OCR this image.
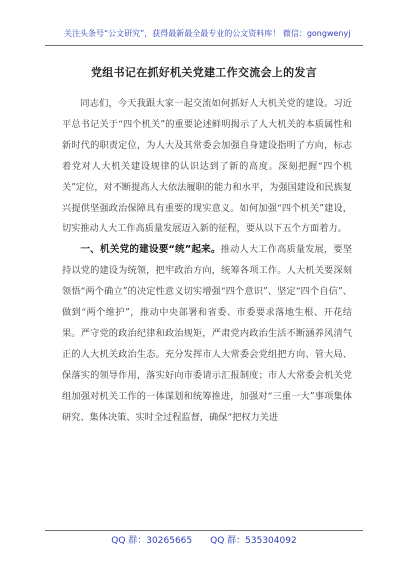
关注头条号“公文研究”，获得最新最全最专业的公文资料库！ 微信：gongwenyj
党组书记在抓好机关党建工作交流会上的发言

同志们，今天我跟大家一起交流如何抓好人大机关党的建设。习近平总书记关于“四个机关”的重要论述鲜明揭示了人大机关的本质属性和新时代的职责定位，为人大及其常委会加强自身建设指明了方向，标志着党对人大机关建设规律的认识达到了新的高度。深刻把握“四个机关”定位，对不断提高人大依法履职的能力和水平，为强国建设和民族复兴提供坚强政治保障具有重要的现实意义。如何加强“四个机关”建设，切实推动人大工作高质量发展迈入新的征程，要从以下五个方面着力。

一、机关党的建设要“统”起来。推动人大工作高质量发展，要坚持以党的建设为统领，把牢政治方向，统筹各项工作。人大机关要深刻领悟“两个确立”的决定性意义切实增强“四个意识”、坚定“四个自信”、做到“两个维护”，推动中央部署和省委、市委要求落地生根、开花结果。严守党的政治纪律和政治规矩，严肃党内政治生活不断涵养风清气正的人大机关政治生态。充分发挥市人大常委会党组把方向、管大局、保落实的领导作用，落实好向市委请示汇报制度；市人大常委会机关党组加强对机关工作的一体谋划和统筹推进，加强对“三重一大”事项集体研究、集体决策、实时全过程监督，确保“把权力关进

QQ 群：30265665 QQ 群：535304092
